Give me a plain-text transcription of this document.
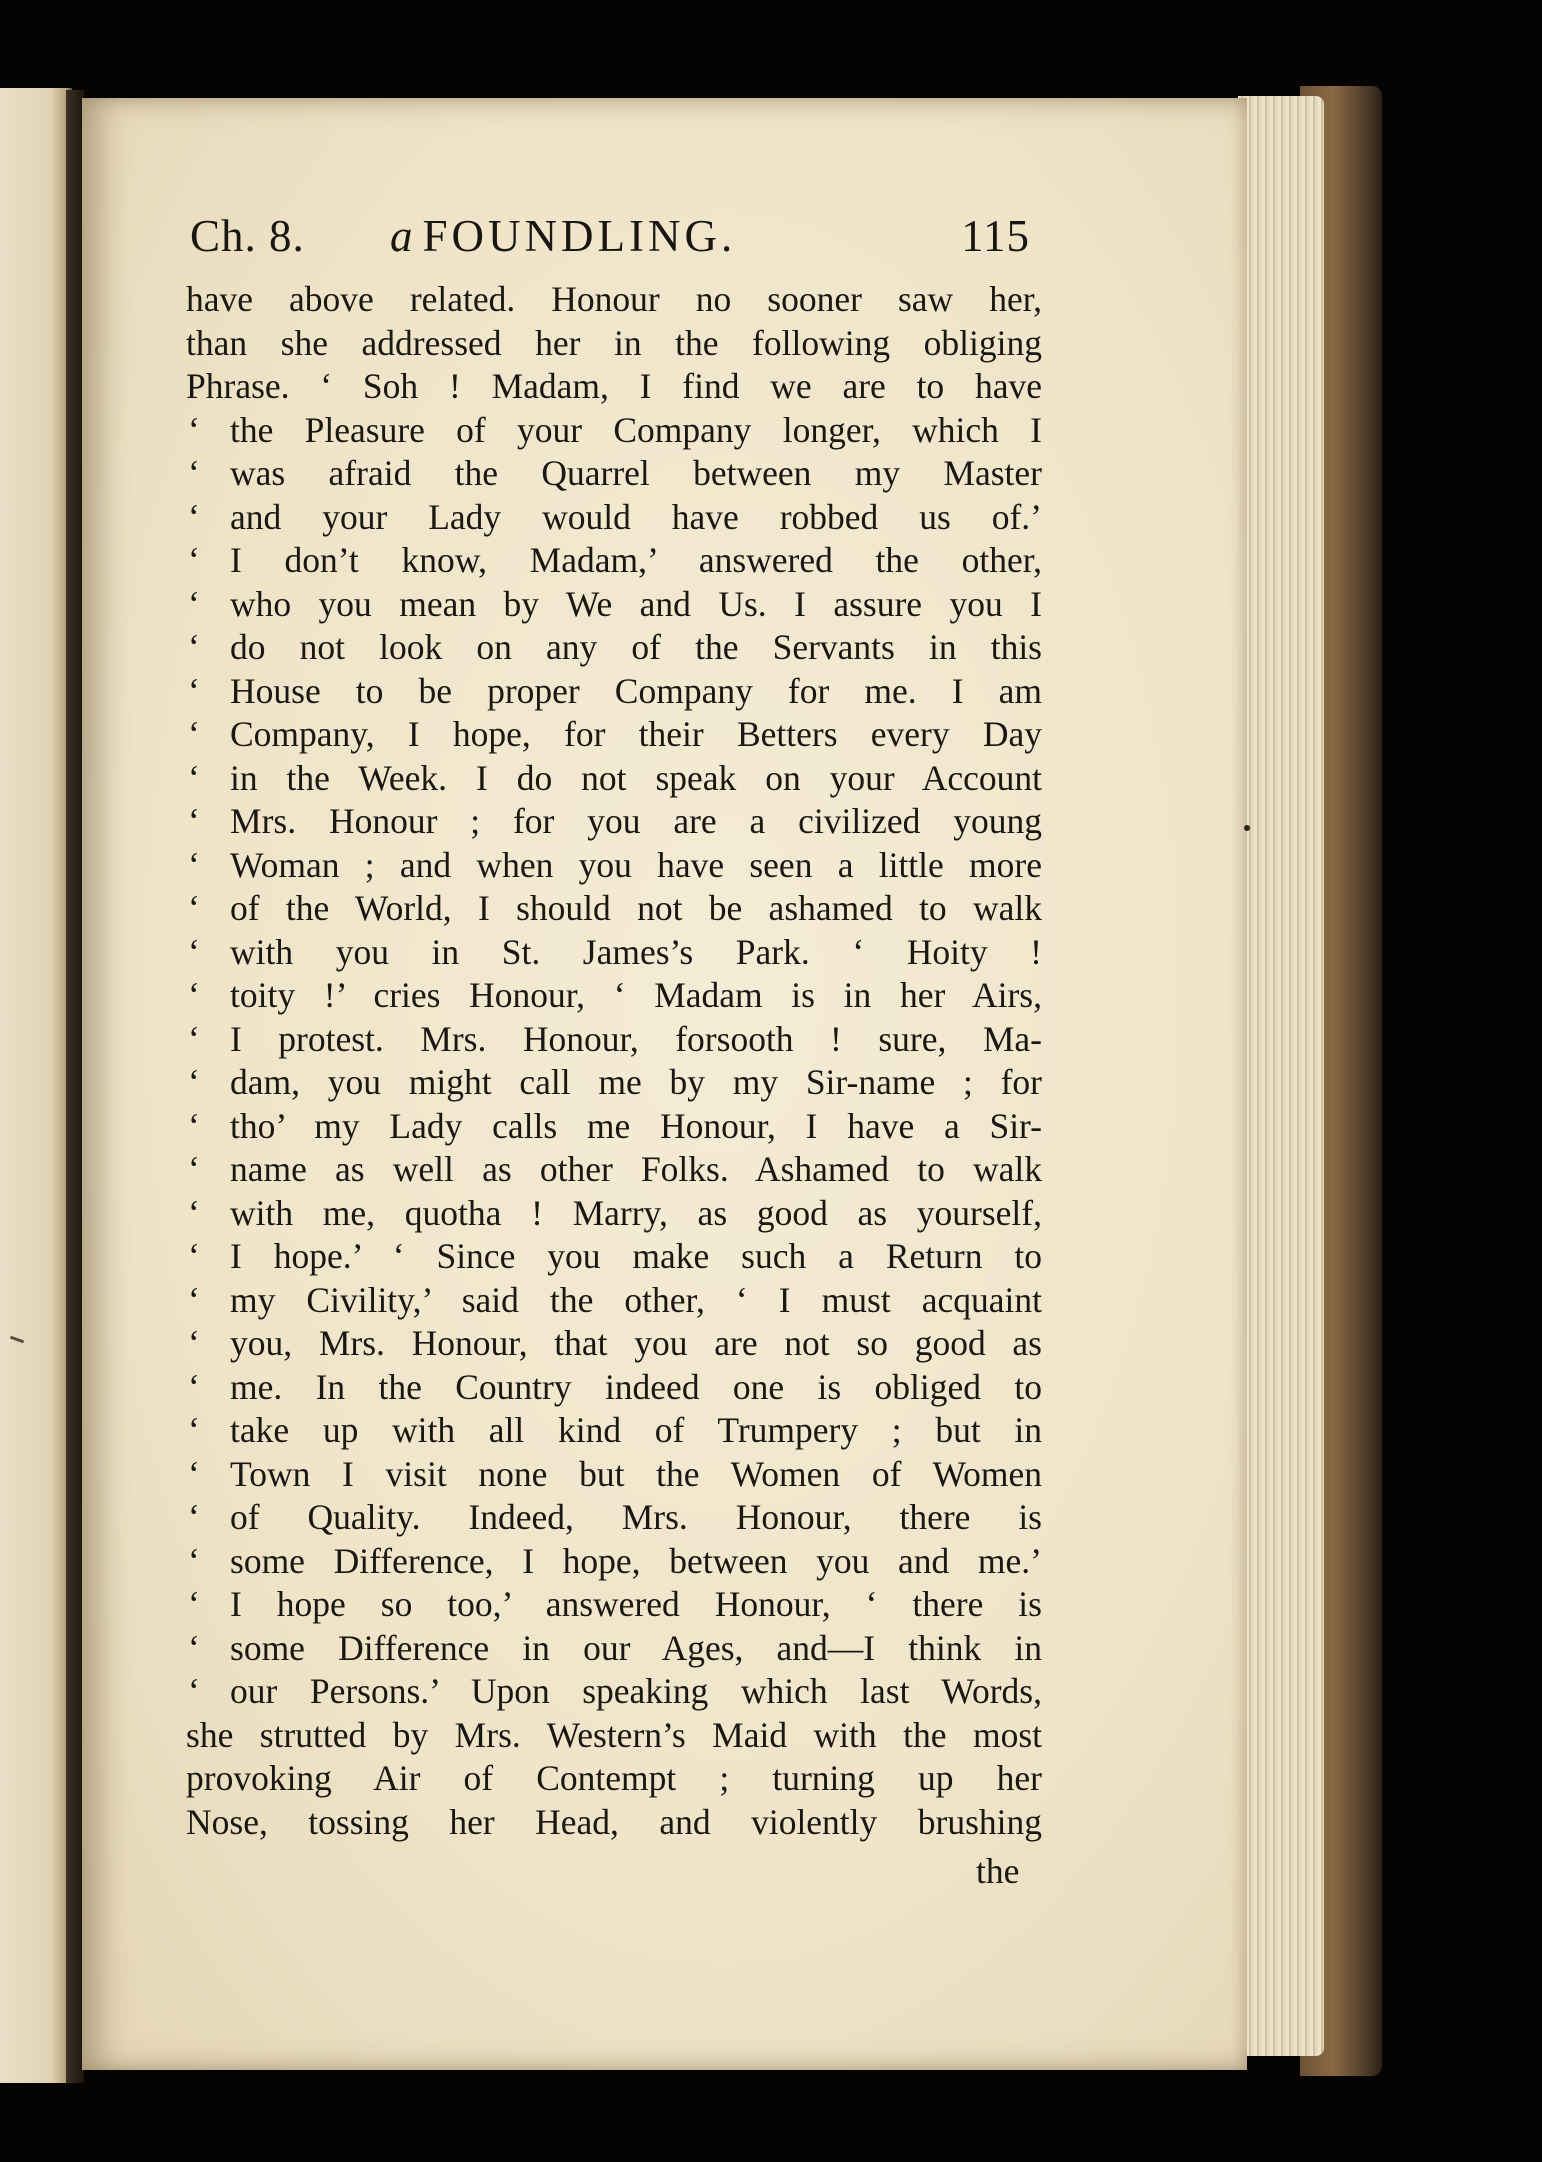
Ch. 8. a FOUNDLING.	115
have above related. Honour no sooner saw her,
than she addressed her in the following obliging
Phrase. ‘ Soh ! Madam, I find we are to have
‘ the Pleasure of your Company longer, which I
‘ was afraid the Quarrel between my Master
‘ and your Lady would have robbed us of.’
‘ I don’t know, Madam,’ answered the other,
‘ who you mean by We and Us. I assure you I
‘ do not look on any of the Servants in this
‘ House to be proper Company for me. I am
‘ Company, I hope, for their Betters every Day
‘ in the Week. I do not speak on your Account
‘ Mrs. Honour ; for you are a civilized young
‘ Woman ; and when you have seen a little more
‘ of the World, I should not be ashamed to walk
‘ with you in St. James’s Park. ‘ Hoity !
‘ toity !’ cries Honour, ‘ Madam is in her Airs,
‘ I protest. Mrs. Honour, forsooth ! sure, Ma-
‘ dam, you might call me by my Sir-name ; for
‘ tho’ my Lady calls me Honour, I have a Sir-
‘ name as well as other Folks. Ashamed to walk
‘ with me, quotha ! Marry, as good as yourself,
‘ I hope.’ ‘ Since you make such a Return to
‘ my Civility,’ said the other, ‘ I must acquaint
‘ you, Mrs. Honour, that you are not so good as
‘ me. In the Country indeed one is obliged to
‘ take up with all kind of Trumpery ; but in
‘ Town I visit none but the Women of Women
‘ of Quality. Indeed, Mrs. Honour, there is
‘ some Difference, I hope, between you and me.’
‘ I hope so too,’ answered Honour, ‘ there is
‘ some Difference in our Ages, and—I think in
‘ our Persons.’ Upon speaking which last Words,
she strutted by Mrs. Western’s Maid with the most
provoking Air of Contempt ; turning up her
Nose, tossing her Head, and violently brushing
the
